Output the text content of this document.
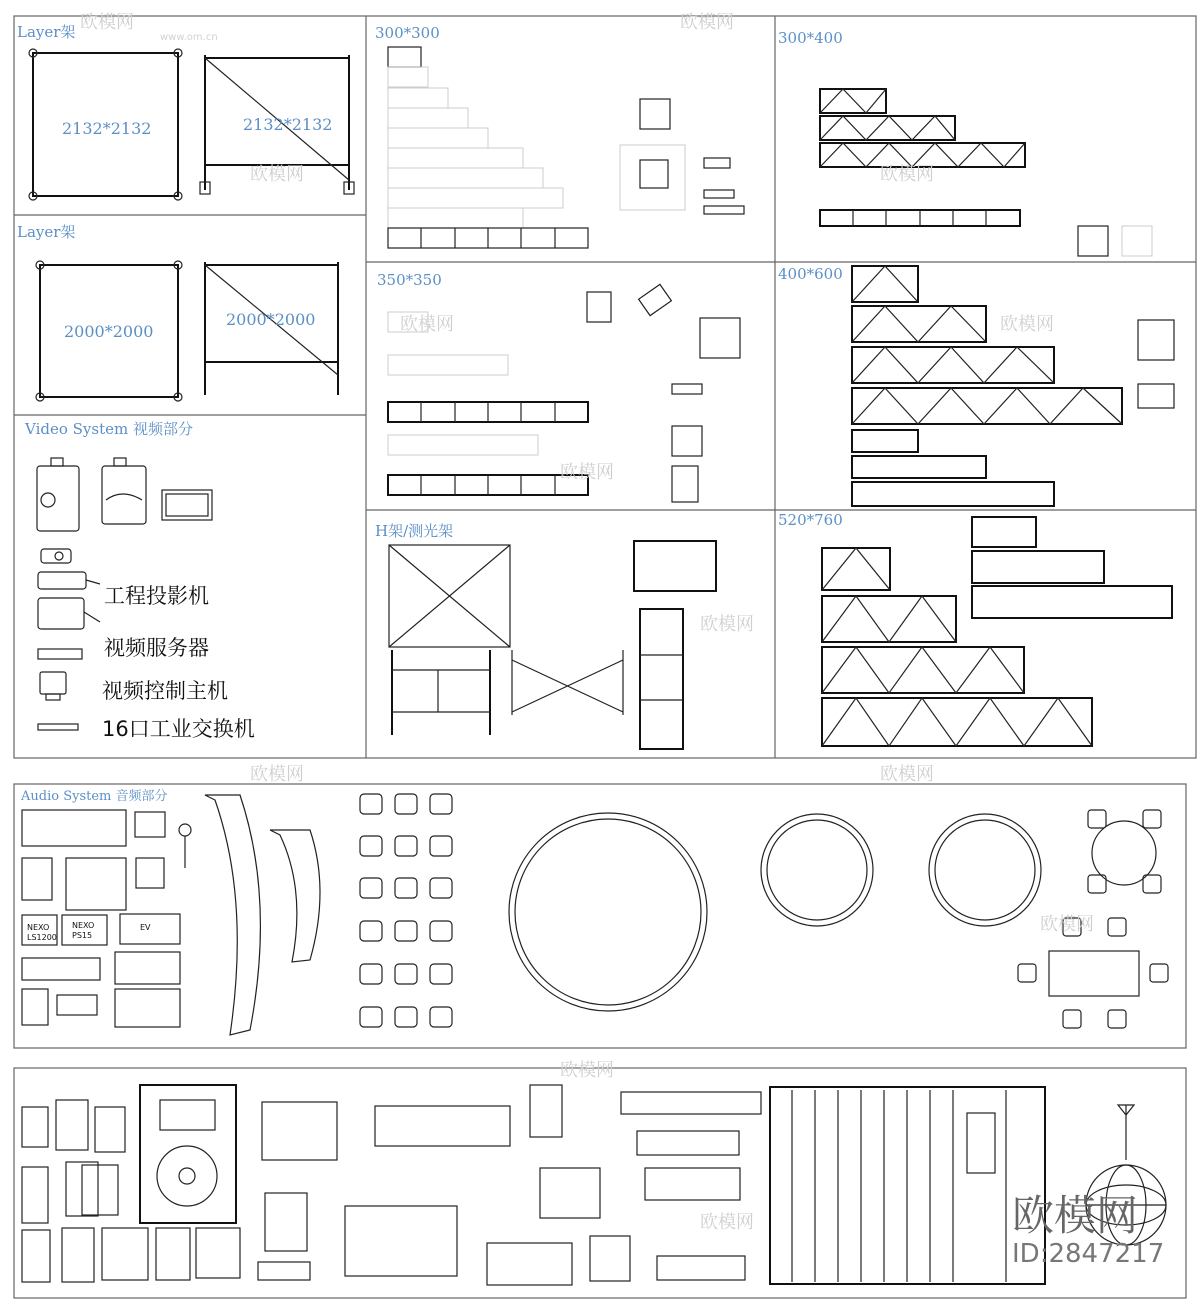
Layer架
2132*2132	2132*2132
Layer架
2000*2000
2000*2000
Video System 视频部分
工程投影机
视频服务器
视频控制主机
16口工业交换机
300*300	300*400
350*350	400*600
H架/测光架
520*760
Audio System 音频部分
NEXO
LS1200
NEXO
PS15
EV
欧模网
www.om.cn
欧模网
欧模网	欧模网
欧模网	欧模网
欧模网
欧模网
欧模网	欧模网
欧模网
欧模网
欧模网	欧模网
ID:2847217
